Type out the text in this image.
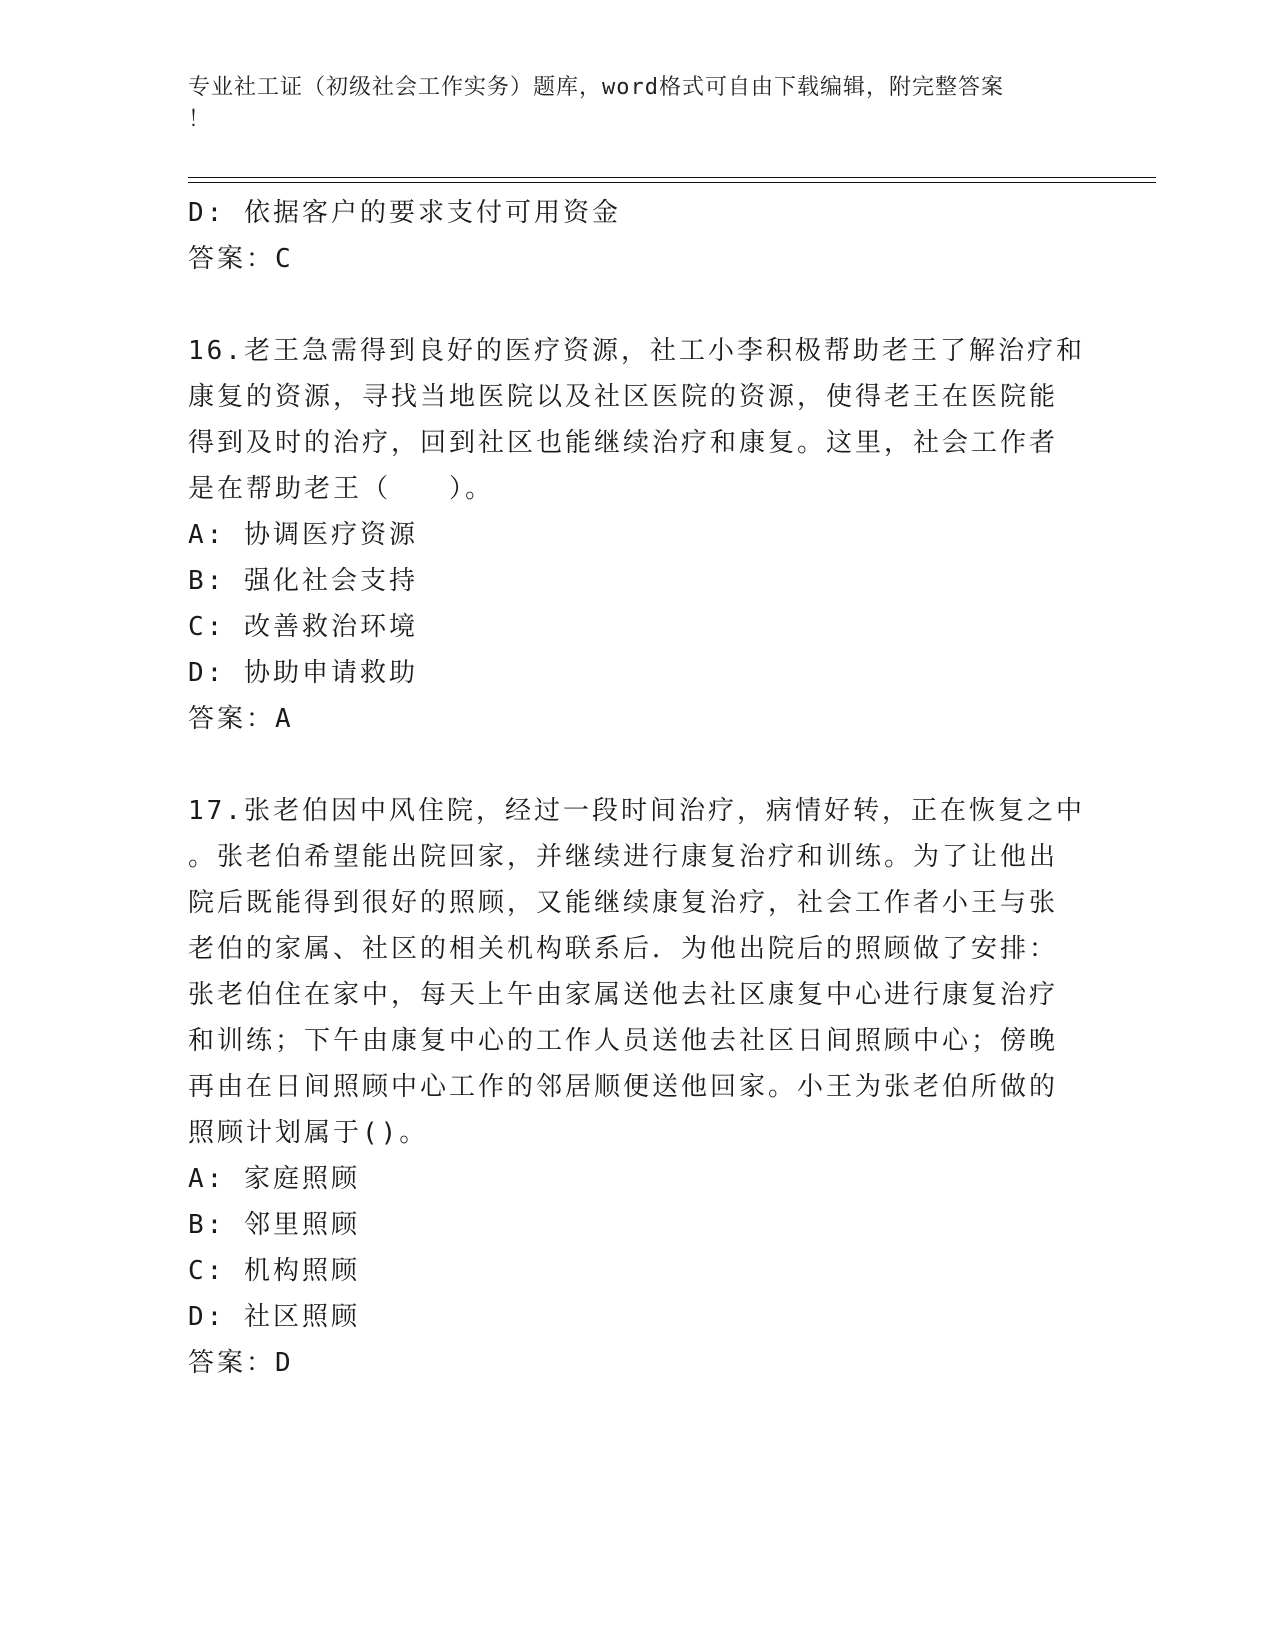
专业社工证（初级社会工作实务）题库，word格式可自由下载编辑，附完整答案
！
D: 依据客户的要求支付可用资金
答案：C
16.老王急需得到良好的医疗资源，社工小李积极帮助老王了解治疗和
康复的资源，寻找当地医院以及社区医院的资源，使得老王在医院能
得到及时的治疗，回到社区也能继续治疗和康复。这里，社会工作者
是在帮助老王（　　）。
A: 协调医疗资源
B: 强化社会支持
C: 改善救治环境
D: 协助申请救助
答案：A
17.张老伯因中风住院，经过一段时间治疗，病情好转，正在恢复之中
。张老伯希望能出院回家，并继续进行康复治疗和训练。为了让他出
院后既能得到很好的照顾，又能继续康复治疗，社会工作者小王与张
老伯的家属、社区的相关机构联系后．为他出院后的照顾做了安排：
张老伯住在家中，每天上午由家属送他去社区康复中心进行康复治疗
和训练；下午由康复中心的工作人员送他去社区日间照顾中心；傍晚
再由在日间照顾中心工作的邻居顺便送他回家。小王为张老伯所做的
照顾计划属于()。
A: 家庭照顾
B: 邻里照顾
C: 机构照顾
D: 社区照顾
答案：D
